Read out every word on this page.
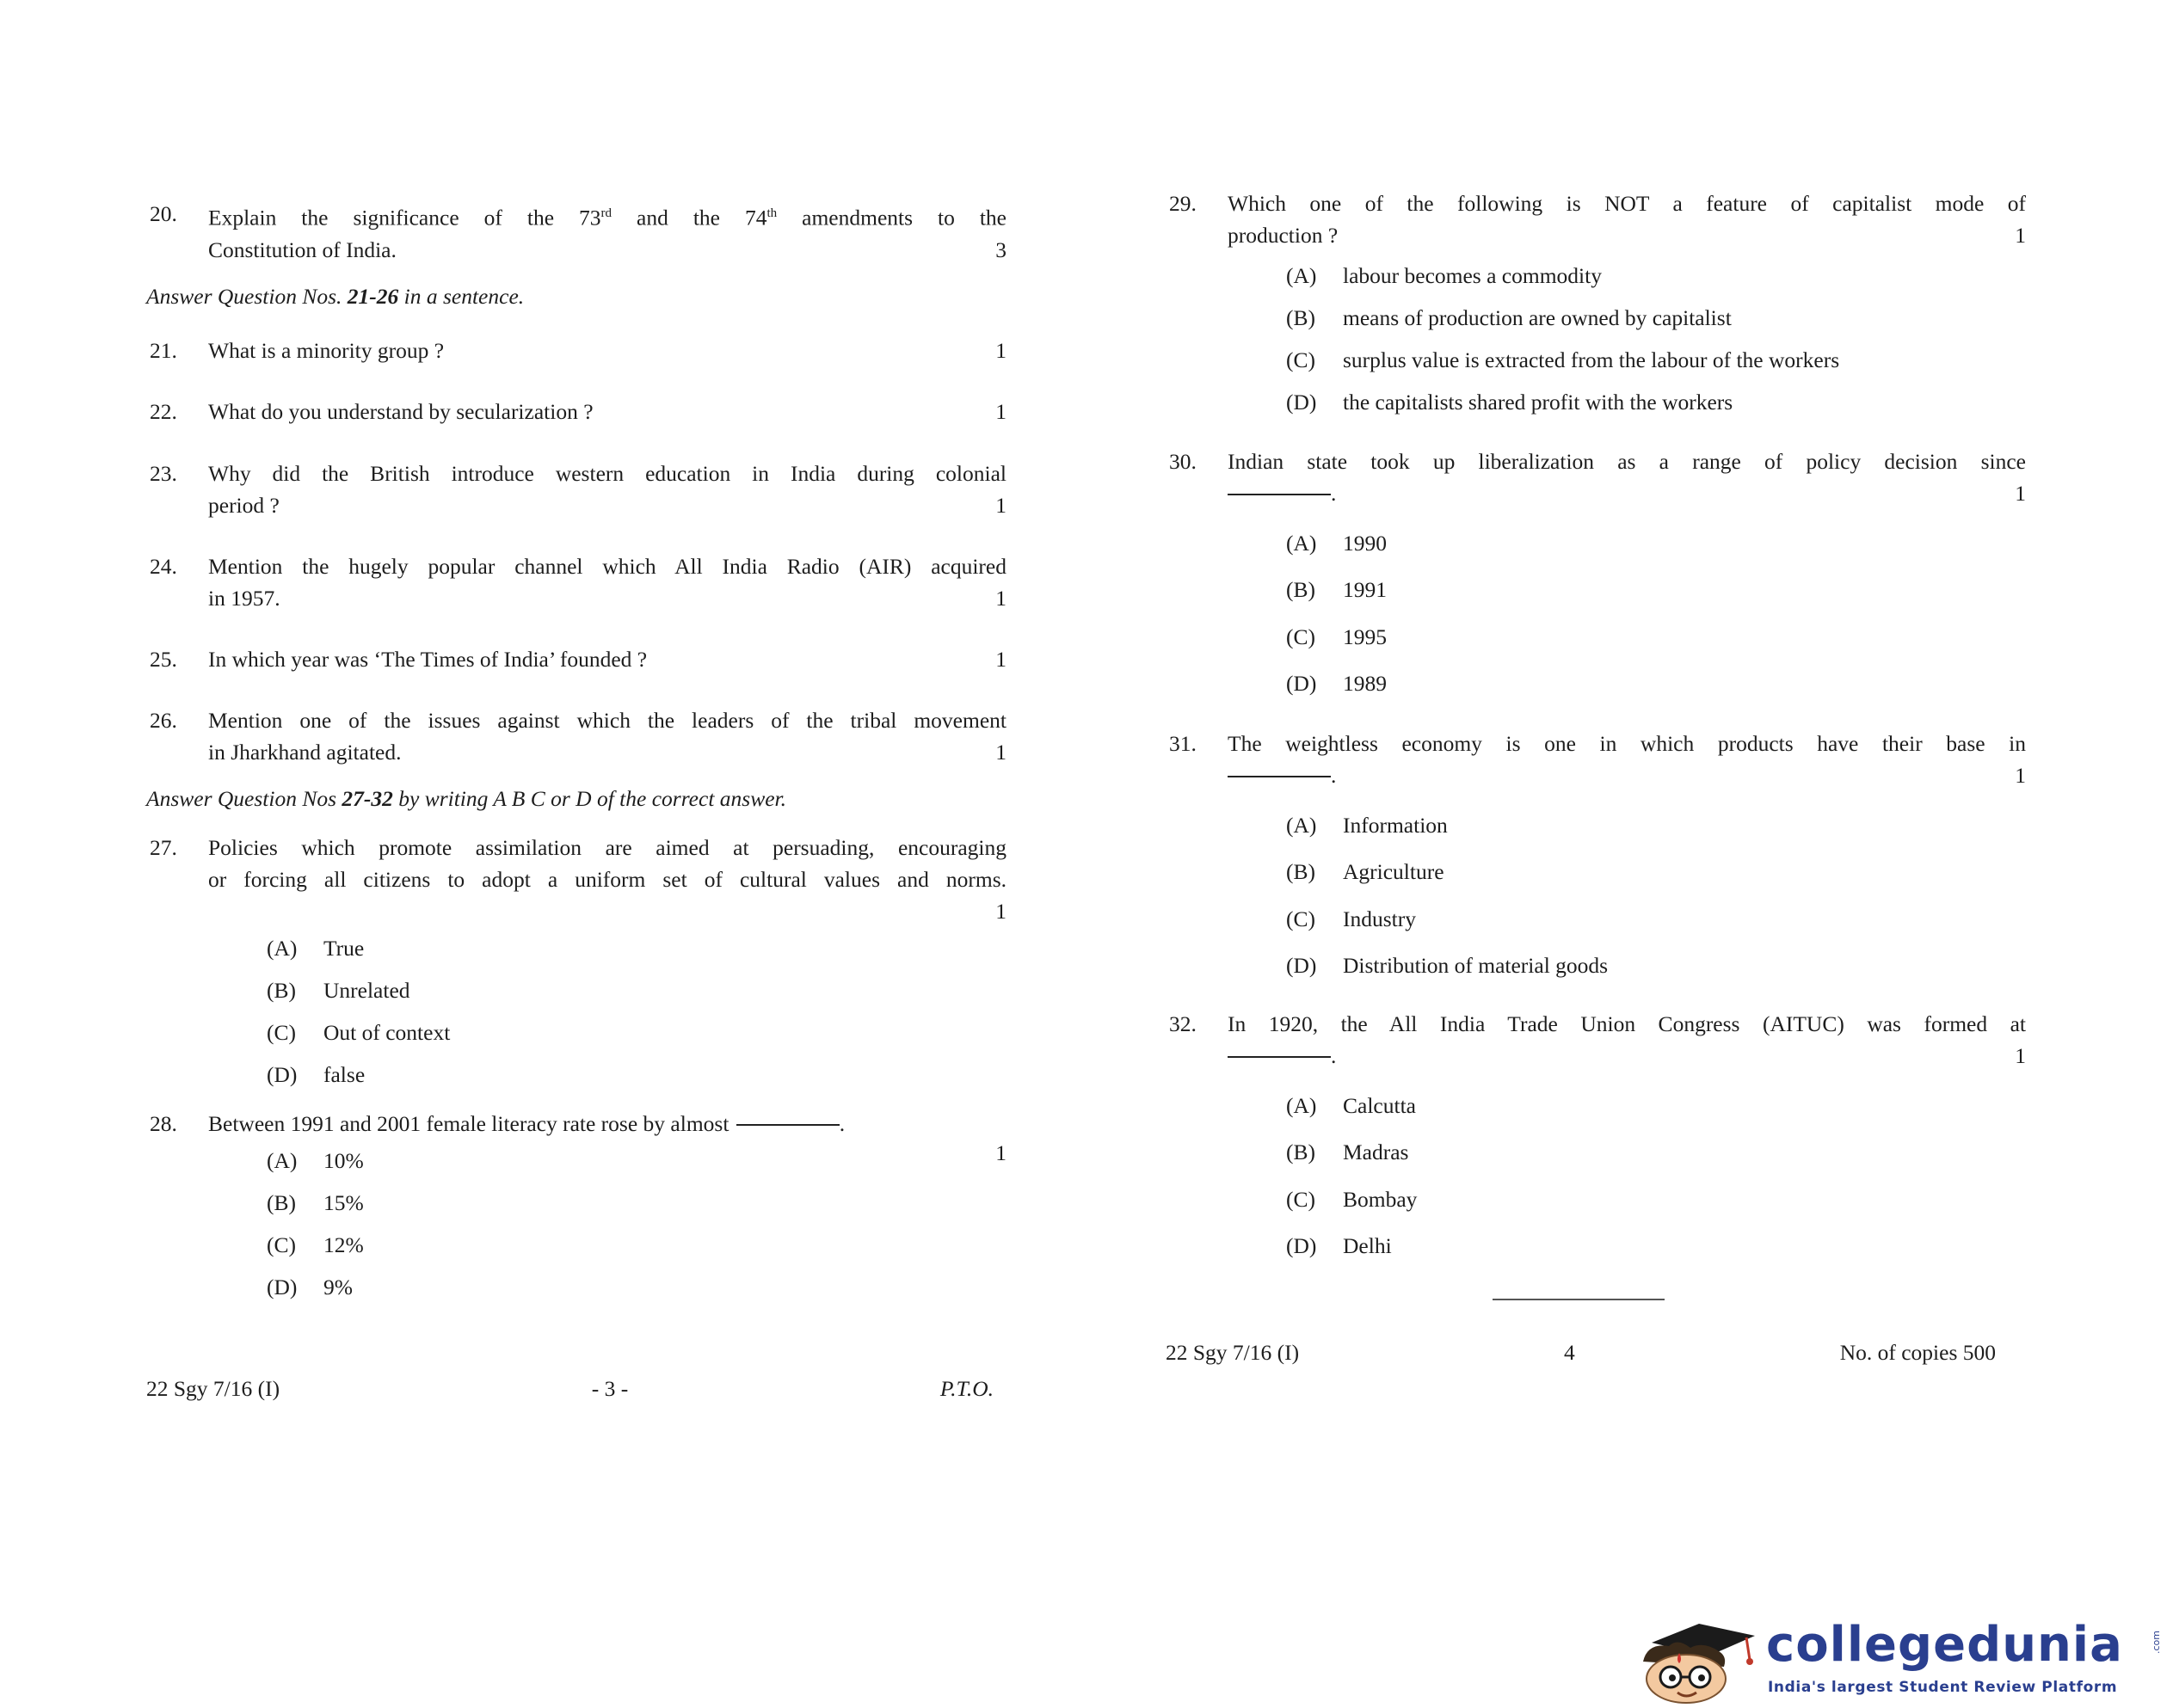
20. Explain the significance of the 73rd and the 74th amendments to the
Constitution of India.	3

Answer Question Nos. 21-26 in a sentence.

21. What is a minority group ?	1
22. What do you understand by secularization ?	1
23. Why did the British introduce western education in India during colonial
period ?	1
24. Mention the hugely popular channel which All India Radio (AIR) acquired
in 1957.	1
25. In which year was ‘The Times of India’ founded ?	1
26. Mention one of the issues against which the leaders of the tribal movement
in Jharkhand agitated.	1

Answer Question Nos 27-32 by writing A B C or D of the correct answer.

27. Policies which promote assimilation are aimed at persuading, encouraging
or forcing all citizens to adopt a uniform set of cultural values and norms.
1
(A)	True
(B)	Unrelated
(C)	Out of context
(D)	false
28. Between 1991 and 2001 female literacy rate rose by almost	.
1
(A)	10%
(B)	15%
(C)	12%
(D)	9%
22 Sgy 7/16 (I)	- 3 -	P.T.O.
29. Which one of the following is NOT a feature of capitalist mode of
production ?	1
(A)	labour becomes a commodity
(B)	means of production are owned by capitalist
(C)	surplus value is extracted from the labour of the workers
(D)	the capitalists shared profit with the workers
30. Indian state took up liberalization as a range of policy decision since
.	1
(A)	1990
(B)	1991
(C)	1995
(D)	1989
31. The weightless economy is one in which products have their base in
.	1
(A)	Information
(B)	Agriculture
(C)	Industry
(D)	Distribution of material goods
32. In 1920, the All India Trade Union Congress (AITUC) was formed at
.	1
(A)	Calcutta
(B)	Madras
(C)	Bombay
(D)	Delhi
22 Sgy 7/16 (I)	4	No. of copies 500
collegedunia	.com
India's largest Student Review Platform
